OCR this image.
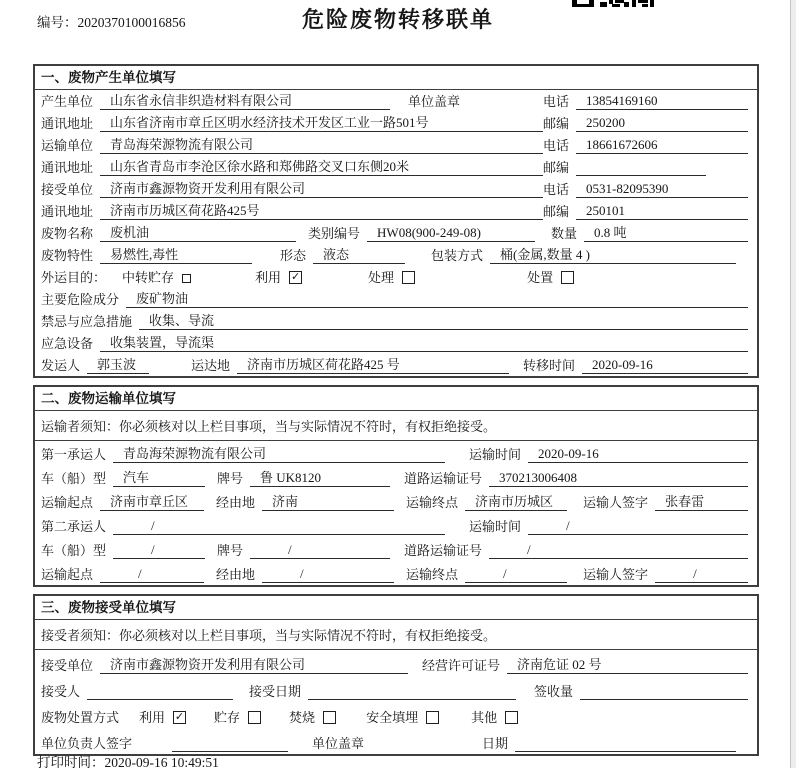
编号：2020370100016856	危险废物转移联单
一、废物产生单位填写
产生单位	山东省永信非织造材料有限公司	单位盖章	电话	13854169160
通讯地址	山东省济南市章丘区明水经济技术开发区工业一路501号	邮编	250200
运输单位	青岛海荣源物流有限公司	电话	18661672606
通讯地址	山东省青岛市李沧区徐水路和郑佛路交叉口东侧20米	邮编
接受单位	济南市鑫源物资开发利用有限公司	电话	0531-82095390
通讯地址	济南市历城区荷花路425号	邮编	250101
废物名称	废机油	类别编号	HW08(900-249-08)	数量	0.8 吨
废物特性	易燃性,毒性	形态	液态	包装方式	桶(金属,数量 4 )
外运目的： 中转贮存	利用 ✓	处理	处置
主要危险成分	废矿物油
禁忌与应急措施	收集、导流
应急设备	收集装置，导流渠
发运人	郭玉波	运达地	济南市历城区荷花路425 号	转移时间	2020-09-16
二、废物运输单位填写
运输者须知： 你必须核对以上栏目事项，当与实际情况不符时，有权拒绝接受。
第一承运人	青岛海荣源物流有限公司	运输时间	2020-09-16
车（船）型	汽车	牌号	鲁 UK8120	道路运输证号	370213006408
运输起点	济南市章丘区	经由地	济南	运输终点	济南市历城区	运输人签字	张春雷
第二承运人	/	运输时间	/
车（船）型	/	牌号	/	道路运输证号	/
运输起点	/	经由地	/	运输终点	/	运输人签字	/
三、废物接受单位填写
接受者须知： 你必须核对以上栏目事项，当与实际情况不符时，有权拒绝接受。
接受单位	济南市鑫源物资开发利用有限公司	经营许可证号	济南危证 02 号
接受人	接受日期	签收量
废物处置方式 利用 ✓ 贮存	焚烧	安全填埋	其他
单位负责人签字	单位盖章	日期
打印时间：2020-09-16 10:49:51
